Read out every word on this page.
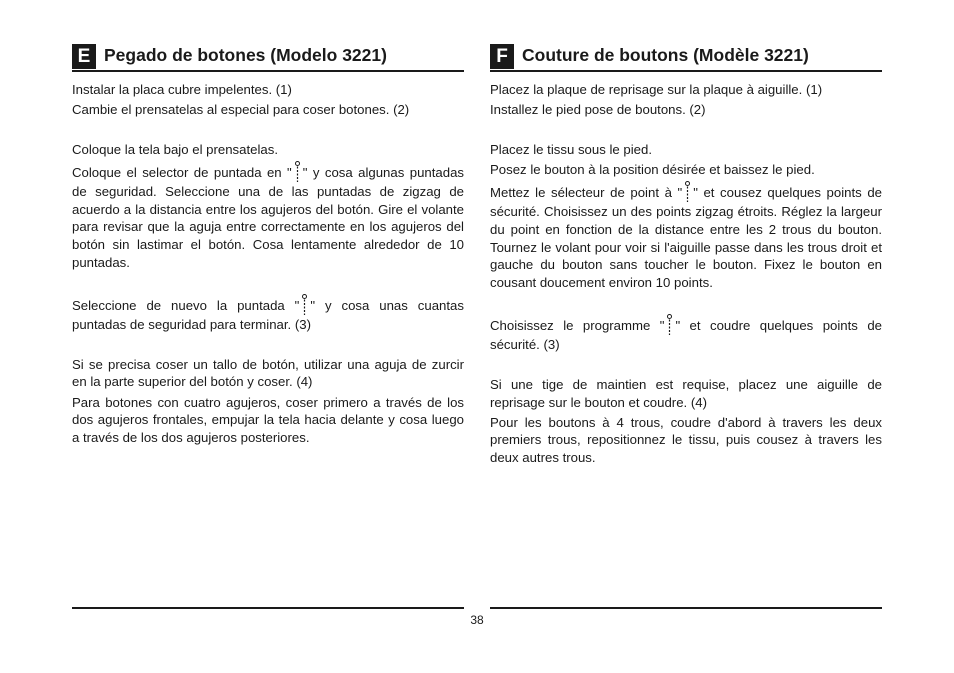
E Pegado de botones (Modelo 3221)

Instalar la placa cubre impelentes. (1)

Cambie el prensatelas al especial para coser botones. (2)

Coloque la tela bajo el prensatelas.

Coloque el selector de puntada en " " y cosa algunas puntadas de seguridad. Seleccione una de las puntadas de zigzag de acuerdo a la distancia entre los agujeros del botón. Gire el volante para revisar que la aguja entre correctamente en los agujeros del botón sin lastimar el botón. Cosa lentamente alrededor de 10 puntadas.

Seleccione de nuevo la puntada " " y cosa unas cuantas puntadas de seguridad para terminar. (3)

Si se precisa coser un tallo de botón, utilizar una aguja de zurcir en la parte superior del botón y coser. (4)

Para botones con cuatro agujeros, coser primero a través de los dos agujeros frontales, empujar la tela hacia delante y cosa luego a través de los dos agujeros posteriores.

F Couture de boutons (Modèle 3221)

Placez la plaque de reprisage sur la plaque à aiguille. (1)

Installez le pied pose de boutons. (2)

Placez le tissu sous le pied.

Posez le bouton à la position désirée et baissez le pied.

Mettez le sélecteur de point à " " et cousez quelques points de sécurité. Choisissez un des points zigzag étroits. Réglez la largeur du point en fonction de la distance entre les 2 trous du bouton. Tournez le volant pour voir si l'aiguille passe dans les trous droit et gauche du bouton sans toucher le bouton. Fixez le bouton en cousant doucement environ 10 points.

Choisissez le programme " " et coudre quelques points de sécurité. (3)

Si une tige de maintien est requise, placez une aiguille de reprisage sur le bouton et coudre. (4)

Pour les boutons à 4 trous, coudre d'abord à travers les deux premiers trous, repositionnez le tissu, puis cousez à travers les deux autres trous.

38
